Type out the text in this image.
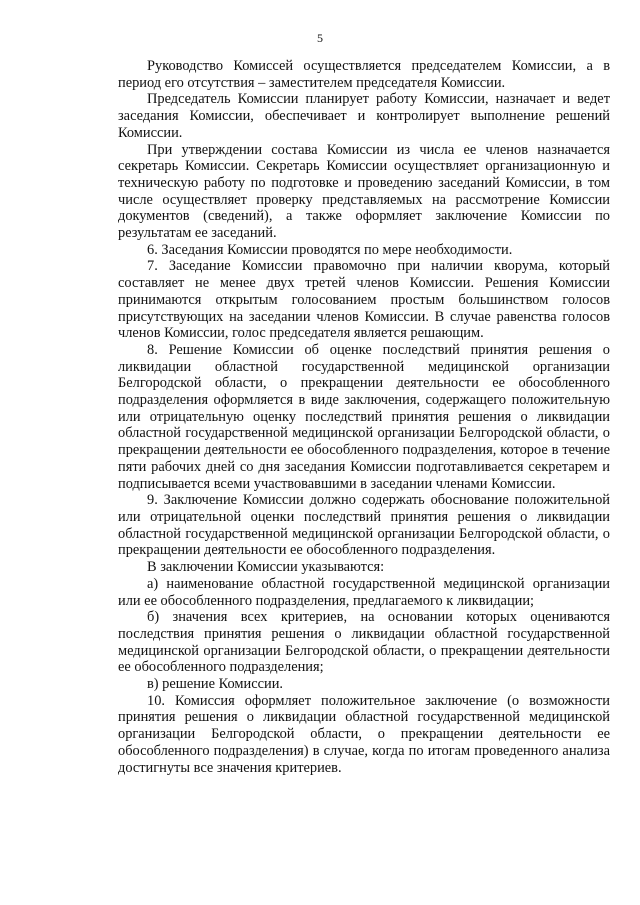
5

Руководство Комиссей осуществляется председателем Комиссии, а в период его отсутствия – заместителем председателя Комиссии.

Председатель Комиссии планирует работу Комиссии, назначает и ведет заседания Комиссии, обеспечивает и контролирует выполнение решений Комиссии.

При утверждении состава Комиссии из числа ее членов назначается секретарь Комиссии. Секретарь Комиссии осуществляет организационную и техническую работу по подготовке и проведению заседаний Комиссии, в том числе осуществляет проверку представляемых на рассмотрение Комиссии документов (сведений), а также оформляет заключение Комиссии по результатам ее заседаний.

6. Заседания Комиссии проводятся по мере необходимости.

7. Заседание Комиссии правомочно при наличии кворума, который составляет не менее двух третей членов Комиссии. Решения Комиссии принимаются открытым голосованием простым большинством голосов присутствующих на заседании членов Комиссии. В случае равенства голосов членов Комиссии, голос председателя является решающим.

8. Решение Комиссии об оценке последствий принятия решения о ликвидации областной государственной медицинской организации Белгородской области, о прекращении деятельности ее обособленного подразделения оформляется в виде заключения, содержащего положительную или отрицательную оценку последствий принятия решения о ликвидации областной государственной медицинской организации Белгородской области, о прекращении деятельности ее обособленного подразделения, которое в течение пяти рабочих дней со дня заседания Комиссии подготавливается секретарем и подписывается всеми участвовавшими в заседании членами Комиссии.

9. Заключение Комиссии должно содержать обоснование положительной или отрицательной оценки последствий принятия решения о ликвидации областной государственной медицинской организации Белгородской области, о прекращении деятельности ее обособленного подразделения.

В заключении Комиссии указываются:

а) наименование областной государственной медицинской организации или ее обособленного подразделения, предлагаемого к ликвидации;

б) значения всех критериев, на основании которых оцениваются последствия принятия решения о ликвидации областной государственной медицинской организации Белгородской области, о прекращении деятельности ее обособленного подразделения;

в) решение Комиссии.

10. Комиссия оформляет положительное заключение (о возможности принятия решения о ликвидации областной государственной медицинской организации Белгородской области, о прекращении деятельности ее обособленного подразделения) в случае, когда по итогам проведенного анализа достигнуты все значения критериев.
